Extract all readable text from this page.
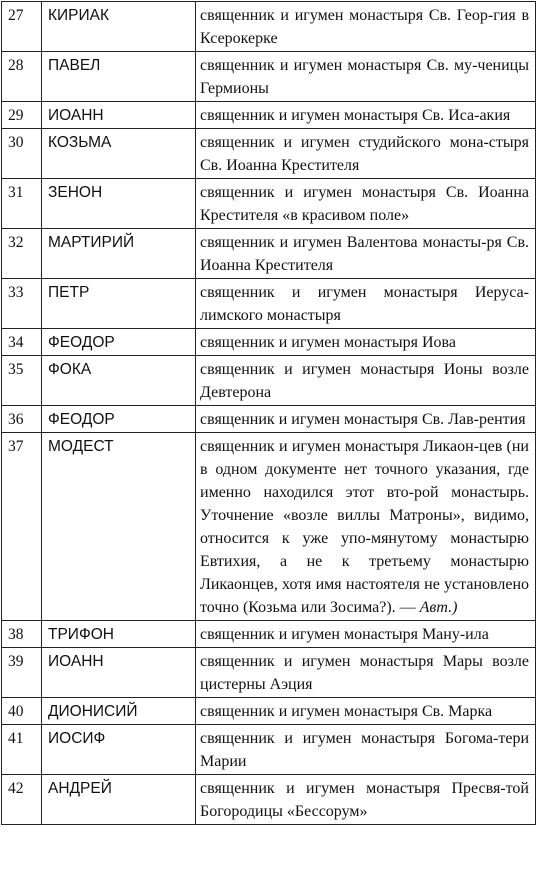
27	КИРИАК	священник и игумен монастыря Св. Геор-гия в Ксерокерке
28	ПАВЕЛ	священник и игумен монастыря Св. му-ченицы Гермионы
29	ИОАНН	священник и игумен монастыря Св. Иса-акия
30	КОЗЬМА	священник и игумен студийского мона-стыря Св. Иоанна Крестителя
31	ЗЕНОН	священник и игумен монастыря Св. Иоанна Крестителя «в красивом поле»
32	МАРТИРИЙ	священник и игумен Валентова монасты-ря Св. Иоанна Крестителя
33	ПЕТР	священник и игумен монастыря Иеруса-лимского монастыря
34	ФЕОДОР	священник и игумен монастыря Иова
35	ФОКА	священник и игумен монастыря Ионы возле Девтерона
36	ФЕОДОР	священник и игумен монастыря Св. Лав-рентия
37	МОДЕСТ	священник и игумен монастыря Ликаон-цев (ни в одном документе нет точного указания, где именно находился этот вто-рой монастырь. Уточнение «возле виллы Матроны», видимо, относится к уже упо-мянутому монастырю Евтихия, а не к третьему монастырю Ликаонцев, хотя имя настоятеля не установлено точно (Козьма или Зосима?). — Авт.)
38	ТРИФОН	священник и игумен монастыря Ману-ила
39	ИОАНН	священник и игумен монастыря Мары возле цистерны Аэция
40	ДИОНИСИЙ	священник и игумен монастыря Св. Марка
41	ИОСИФ	священник и игумен монастыря Богома-тери Марии
42	АНДРЕЙ	священник и игумен монастыря Пресвя-той Богородицы «Бессорум»
